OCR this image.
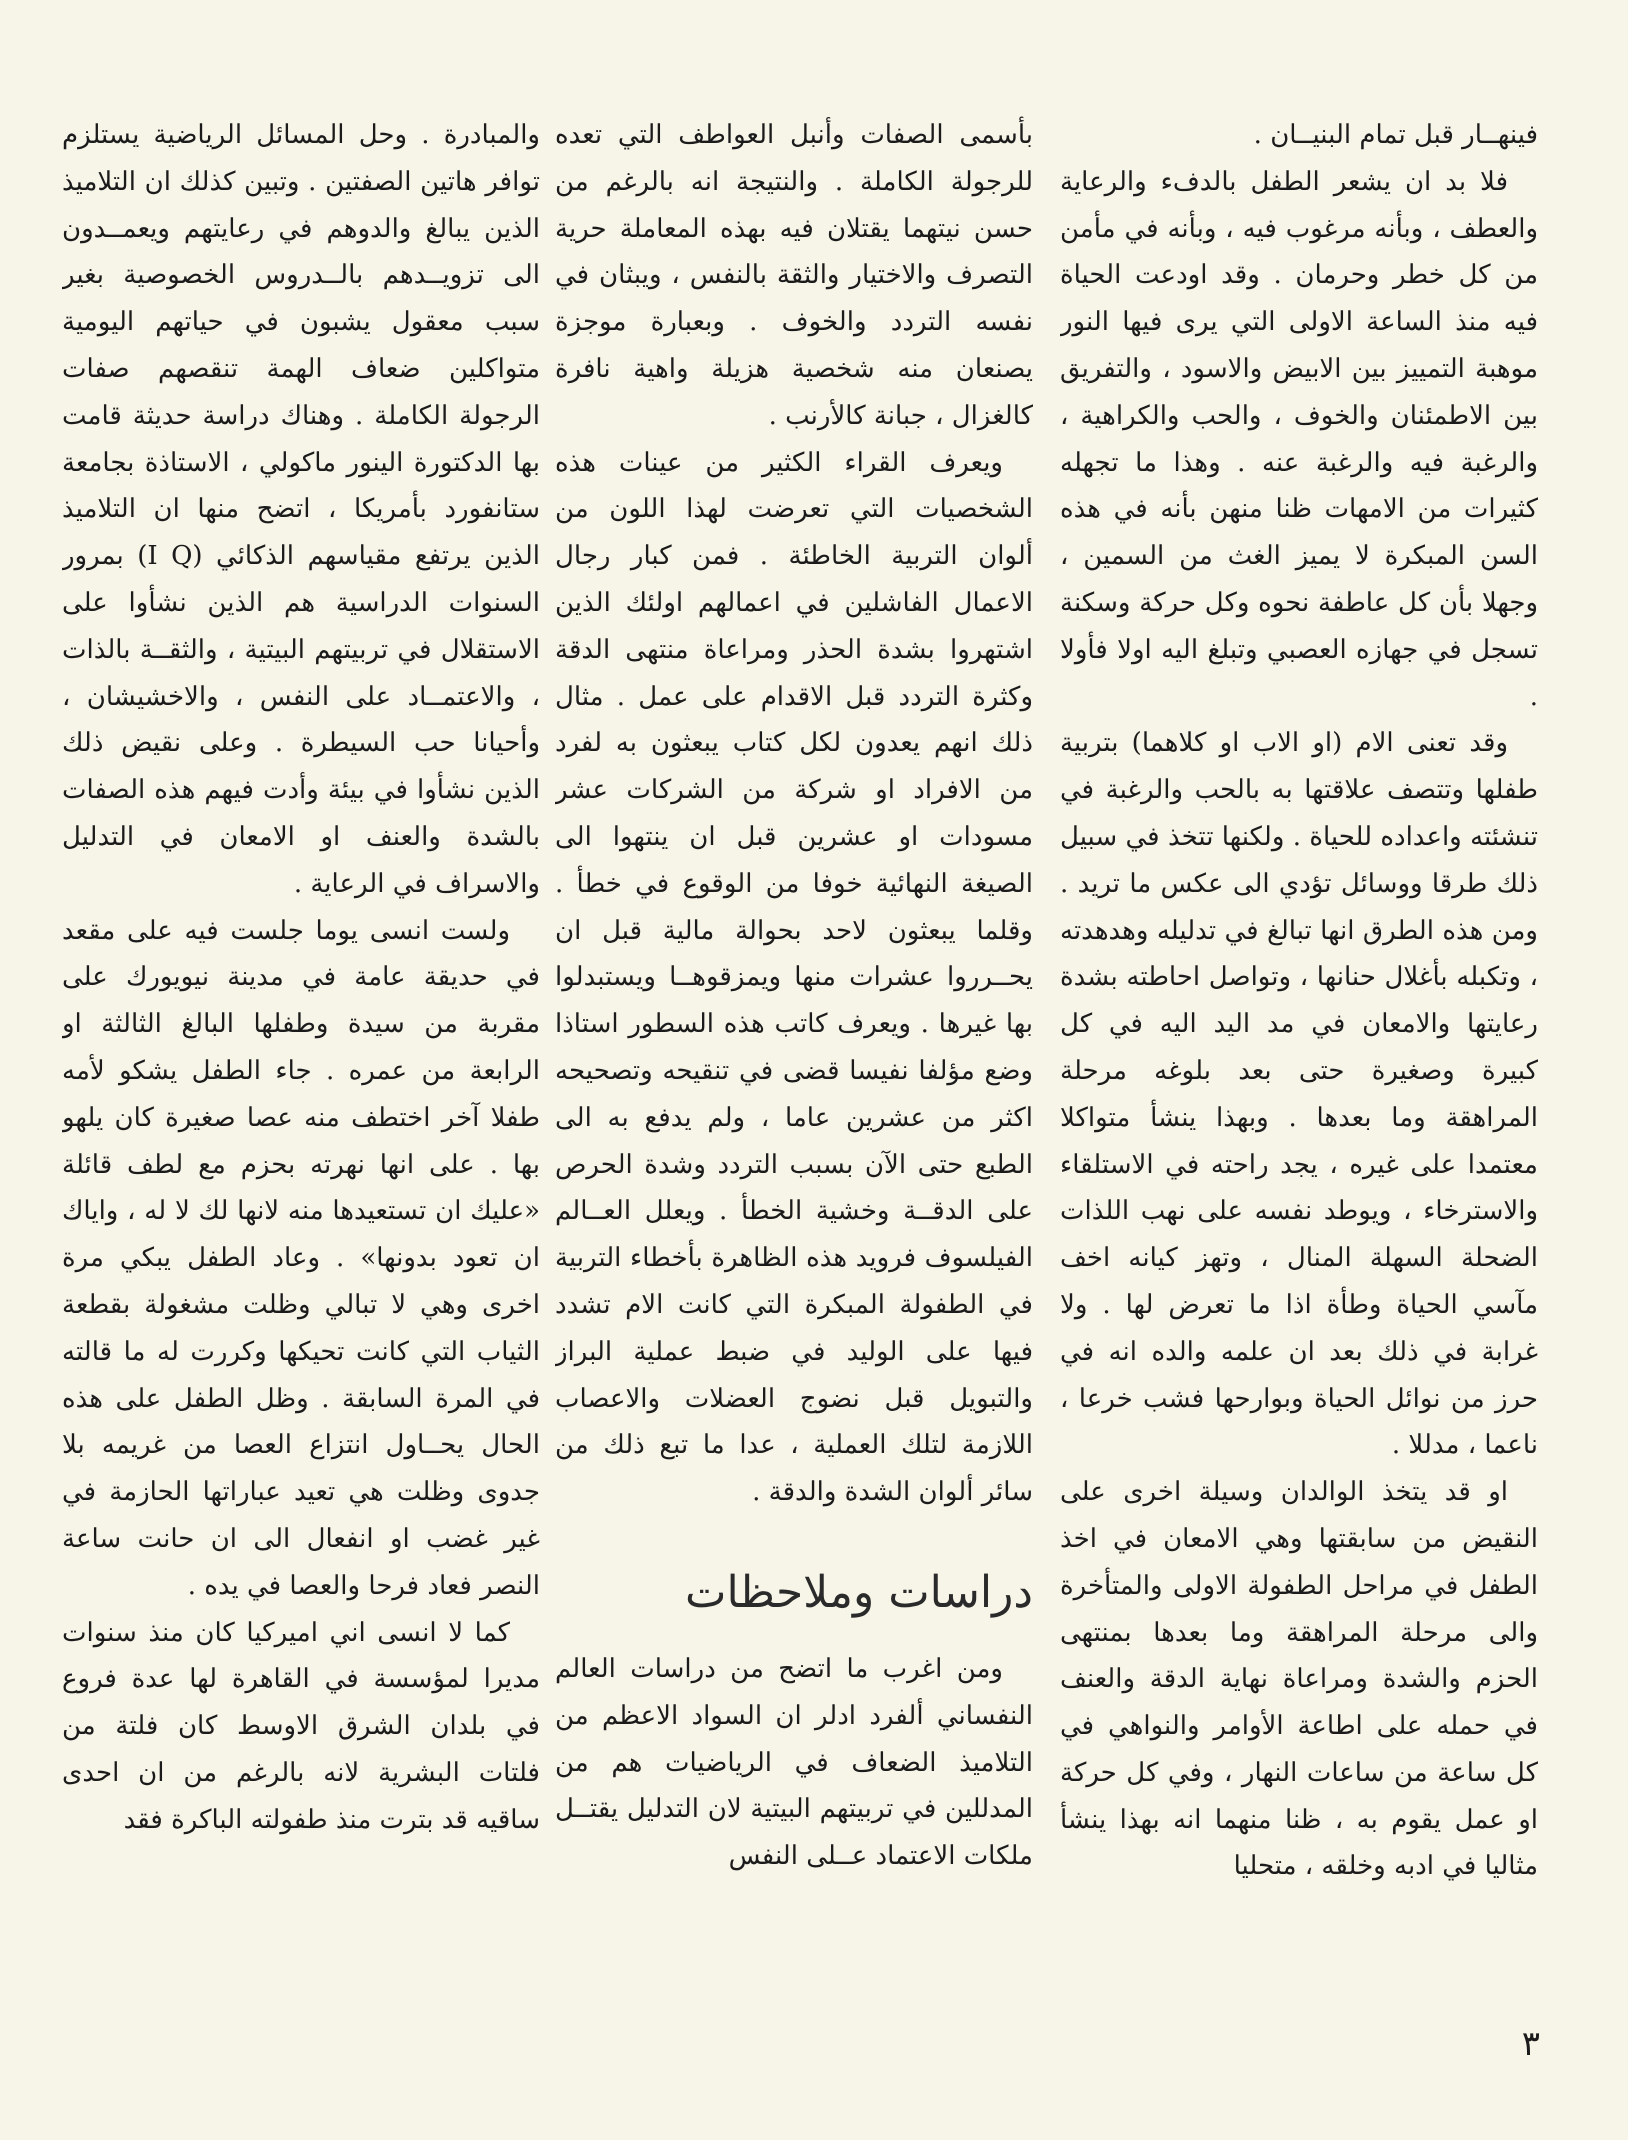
فينهــار قبل تمام البنيــان .

فلا بد ان يشعر الطفل بالدفء والرعاية والعطف ، وبأنه مرغوب فيه ، وبأنه في مأمن من كل خطر وحرمان . وقد اودعت الحياة فيه منذ الساعة الاولى التي يرى فيها النور موهبة التمييز بين الابيض والاسود ، والتفريق بين الاطمئنان والخوف ، والحب والكراهية ، والرغبة فيه والرغبة عنه . وهذا ما تجهله كثيرات من الامهات ظنا منهن بأنه في هذه السن المبكرة لا يميز الغث من السمين ، وجهلا بأن كل عاطفة نحوه وكل حركة وسكنة تسجل في جهازه العصبي وتبلغ اليه اولا فأولا .

وقد تعنى الام (او الاب او كلاهما) بتربية طفلها وتتصف علاقتها به بالحب والرغبة في تنشئته واعداده للحياة . ولكنها تتخذ في سبيل ذلك طرقا ووسائل تؤدي الى عكس ما تريد . ومن هذه الطرق انها تبالغ في تدليله وهدهدته ، وتكبله بأغلال حنانها ، وتواصل احاطته بشدة رعايتها والامعان في مد اليد اليه في كل كبيرة وصغيرة حتى بعد بلوغه مرحلة المراهقة وما بعدها . وبهذا ينشأ متواكلا معتمدا على غيره ، يجد راحته في الاستلقاء والاسترخاء ، ويوطد نفسه على نهب اللذات الضحلة السهلة المنال ، وتهز كيانه اخف مآسي الحياة وطأة اذا ما تعرض لها . ولا غرابة في ذلك بعد ان علمه والده انه في حرز من نوائل الحياة وبوارحها فشب خرعا ، ناعما ، مدللا .

او قد يتخذ الوالدان وسيلة اخرى على النقيض من سابقتها وهي الامعان في اخذ الطفل في مراحل الطفولة الاولى والمتأخرة والى مرحلة المراهقة وما بعدها بمنتهى الحزم والشدة ومراعاة نهاية الدقة والعنف في حمله على اطاعة الأوامر والنواهي في كل ساعة من ساعات النهار ، وفي كل حركة او عمل يقوم به ، ظنا منهما انه بهذا ينشأ مثاليا في ادبه وخلقه ، متحليا

بأسمى الصفات وأنبل العواطف التي تعده للرجولة الكاملة . والنتيجة انه بالرغم من حسن نيتهما يقتلان فيه بهذه المعاملة حرية التصرف والاختيار والثقة بالنفس ، ويبثان في نفسه التردد والخوف . وبعبارة موجزة يصنعان منه شخصية هزيلة واهية نافرة كالغزال ، جبانة كالأرنب .

ويعرف القراء الكثير من عينات هذه الشخصيات التي تعرضت لهذا اللون من ألوان التربية الخاطئة . فمن كبار رجال الاعمال الفاشلين في اعمالهم اولئك الذين اشتهروا بشدة الحذر ومراعاة منتهى الدقة وكثرة التردد قبل الاقدام على عمل . مثال ذلك انهم يعدون لكل كتاب يبعثون به لفرد من الافراد او شركة من الشركات عشر مسودات او عشرين قبل ان ينتهوا الى الصيغة النهائية خوفا من الوقوع في خطأ . وقلما يبعثون لاحد بحوالة مالية قبل ان يحــرروا عشرات منها ويمزقوهــا ويستبدلوا بها غيرها . ويعرف كاتب هذه السطور استاذا وضع مؤلفا نفيسا قضى في تنقيحه وتصحيحه اكثر من عشرين عاما ، ولم يدفع به الى الطبع حتى الآن بسبب التردد وشدة الحرص على الدقــة وخشية الخطأ . ويعلل العــالم الفيلسوف فرويد هذه الظاهرة بأخطاء التربية في الطفولة المبكرة التي كانت الام تشدد فيها على الوليد في ضبط عملية البراز والتبويل قبل نضوج العضلات والاعصاب اللازمة لتلك العملية ، عدا ما تبع ذلك من سائر ألوان الشدة والدقة .

دراسات وملاحظات

ومن اغرب ما اتضح من دراسات العالم النفساني ألفرد ادلر ان السواد الاعظم من التلاميذ الضعاف في الرياضيات هم من المدللين في تربيتهم البيتية لان التدليل يقتــل ملكات الاعتماد عــلى النفس

والمبادرة . وحل المسائل الرياضية يستلزم توافر هاتين الصفتين . وتبين كذلك ان التلاميذ الذين يبالغ والدوهم في رعايتهم ويعمــدون الى تزويــدهم بالــدروس الخصوصية بغير سبب معقول يشبون في حياتهم اليومية متواكلين ضعاف الهمة تنقصهم صفات الرجولة الكاملة . وهناك دراسة حديثة قامت بها الدكتورة الينور ماكولي ، الاستاذة بجامعة ستانفورد بأمريكا ، اتضح منها ان التلاميذ الذين يرتفع مقياسهم الذكائي (I Q) بمرور السنوات الدراسية هم الذين نشأوا على الاستقلال في تربيتهم البيتية ، والثقــة بالذات ، والاعتمــاد على النفس ، والاخشيشان ، وأحيانا حب السيطرة . وعلى نقيض ذلك الذين نشأوا في بيئة وأدت فيهم هذه الصفات بالشدة والعنف او الامعان في التدليل والاسراف في الرعاية .

ولست انسى يوما جلست فيه على مقعد في حديقة عامة في مدينة نيويورك على مقربة من سيدة وطفلها البالغ الثالثة او الرابعة من عمره . جاء الطفل يشكو لأمه طفلا آخر اختطف منه عصا صغيرة كان يلهو بها . على انها نهرته بحزم مع لطف قائلة «عليك ان تستعيدها منه لانها لك لا له ، واياك ان تعود بدونها» . وعاد الطفل يبكي مرة اخرى وهي لا تبالي وظلت مشغولة بقطعة الثياب التي كانت تحيكها وكررت له ما قالته في المرة السابقة . وظل الطفل على هذه الحال يحــاول انتزاع العصا من غريمه بلا جدوى وظلت هي تعيد عباراتها الحازمة في غير غضب او انفعال الى ان حانت ساعة النصر فعاد فرحا والعصا في يده .

كما لا انسى اني اميركيا كان منذ سنوات مديرا لمؤسسة في القاهرة لها عدة فروع في بلدان الشرق الاوسط كان فلتة من فلتات البشرية لانه بالرغم من ان احدى ساقيه قد بترت منذ طفولته الباكرة فقد

٣
